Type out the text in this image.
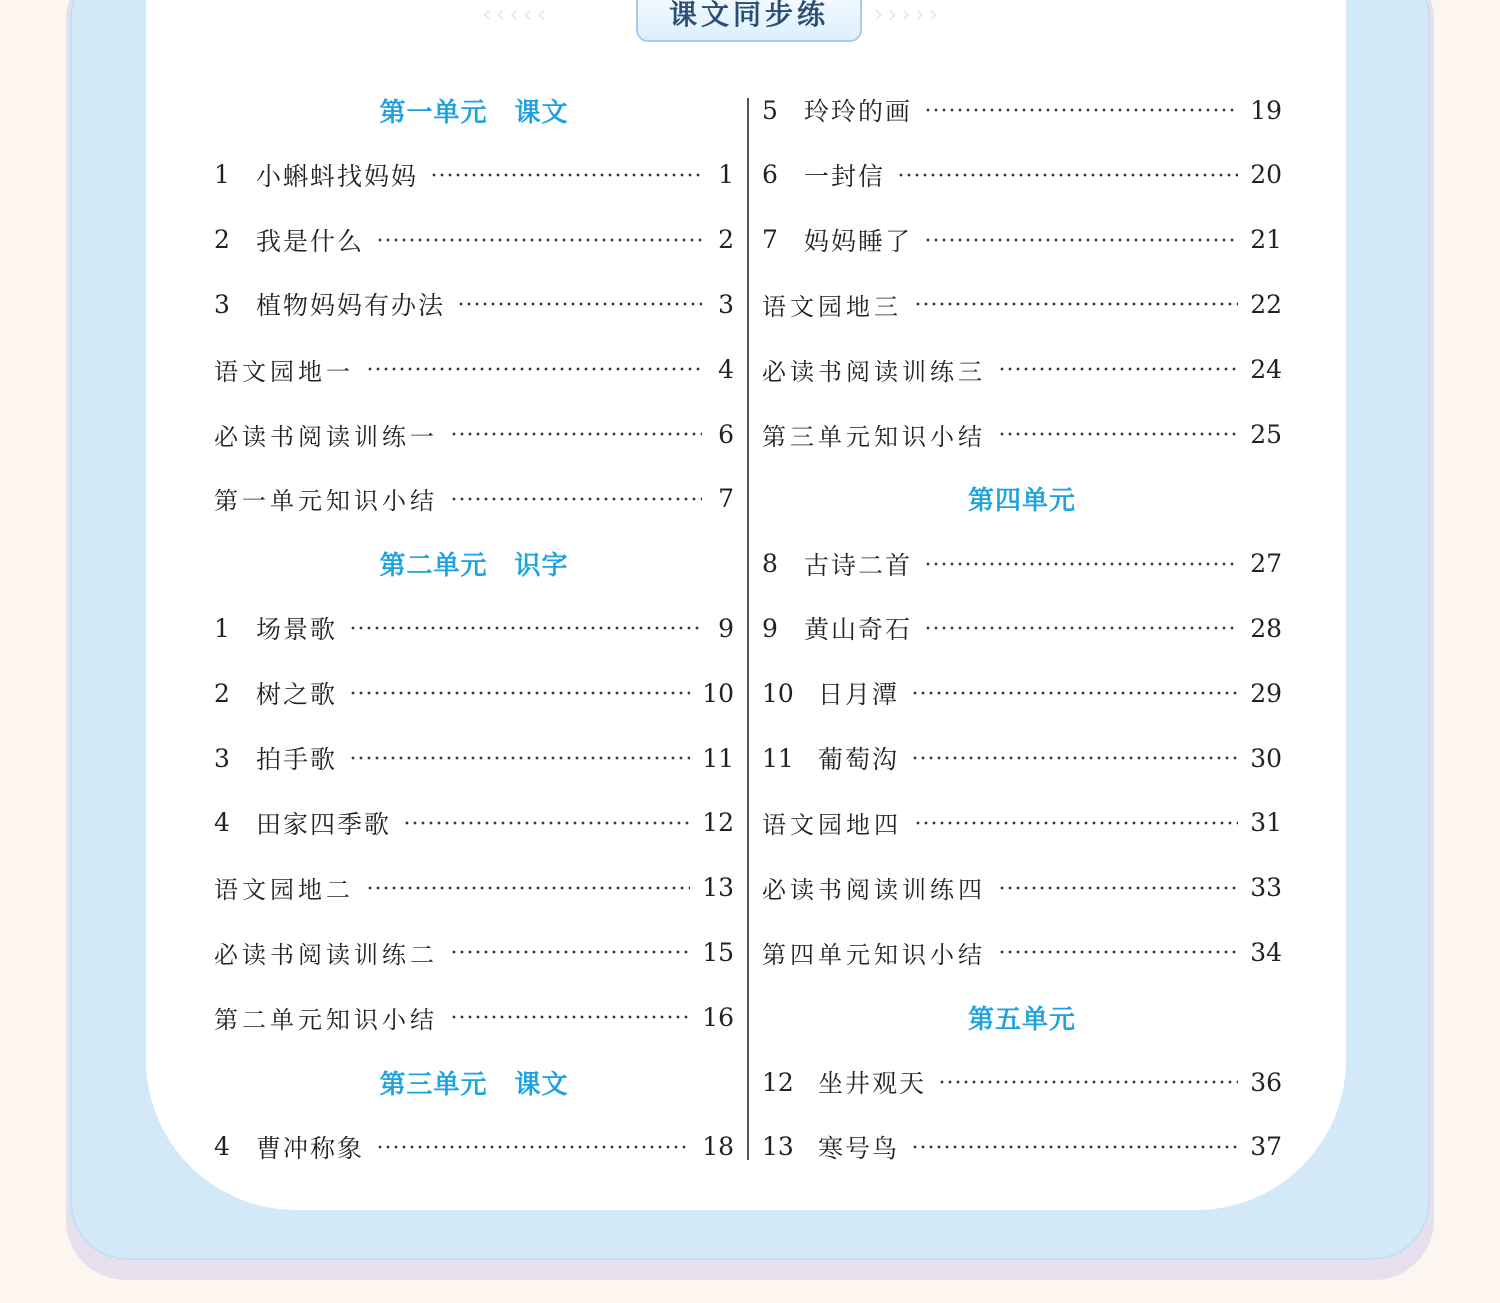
‹ ‹ ‹ ‹ ‹	课文同步练 › › › › ›
第一单元　课文
1	小蝌蚪找妈妈	1
2	我是什么	2
3	植物妈妈有办法	3
语文园地一	4
必读书阅读训练一	6
第一单元知识小结	7
第二单元　识字
1	场景歌	9
2	树之歌	10
3	拍手歌	11
4	田家四季歌	12
语文园地二	13
必读书阅读训练二	15
第二单元知识小结	16
第三单元　课文
4	曹冲称象	18
5	玲玲的画	19
6	一封信	20
7	妈妈睡了	21
语文园地三	22
必读书阅读训练三	24
第三单元知识小结	25
第四单元
8	古诗二首	27
9	黄山奇石	28
10 日月潭	29
11 葡萄沟	30
语文园地四	31
必读书阅读训练四	33
第四单元知识小结	34
第五单元
12 坐井观天	36
13 寒号鸟	37
